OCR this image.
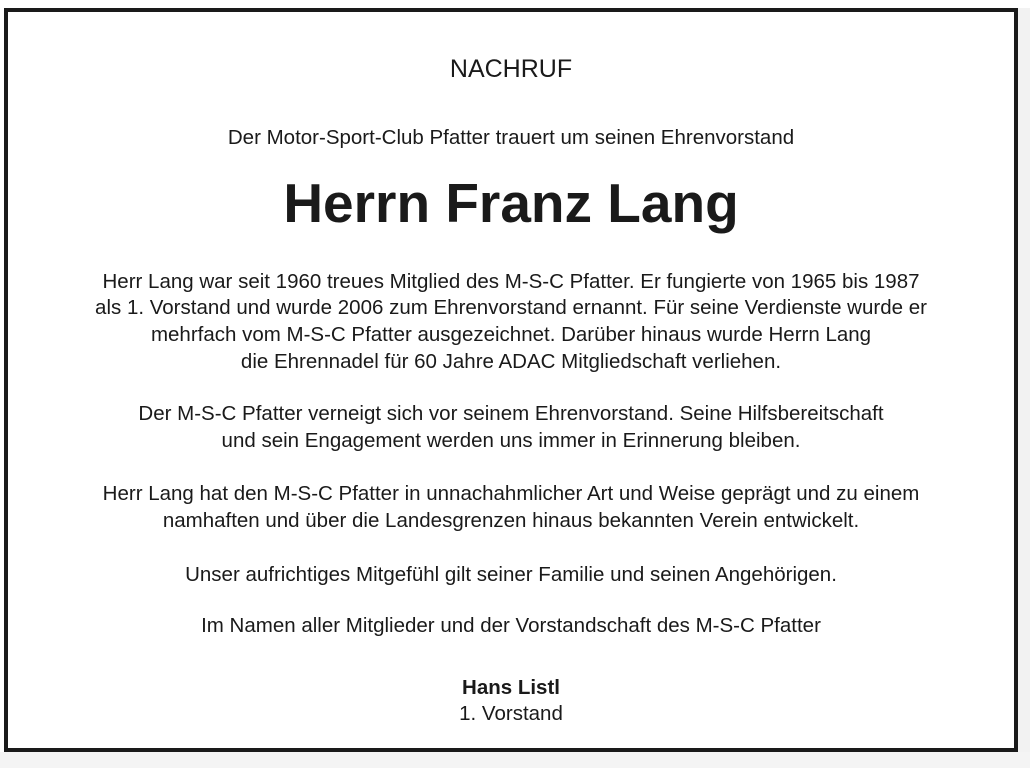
NACHRUF
Der Motor-Sport-Club Pfatter trauert um seinen Ehrenvorstand
Herrn Franz Lang
Herr Lang war seit 1960 treues Mitglied des M-S-C Pfatter. Er fungierte von 1965 bis 1987
als 1. Vorstand und wurde 2006 zum Ehrenvorstand ernannt. Für seine Verdienste wurde er
mehrfach vom M-S-C Pfatter ausgezeichnet. Darüber hinaus wurde Herrn Lang
die Ehrennadel für 60 Jahre ADAC Mitgliedschaft verliehen.
Der M-S-C Pfatter verneigt sich vor seinem Ehrenvorstand. Seine Hilfsbereitschaft
und sein Engagement werden uns immer in Erinnerung bleiben.
Herr Lang hat den M-S-C Pfatter in unnachahmlicher Art und Weise geprägt und zu einem
namhaften und über die Landesgrenzen hinaus bekannten Verein entwickelt.
Unser aufrichtiges Mitgefühl gilt seiner Familie und seinen Angehörigen.
Im Namen aller Mitglieder und der Vorstandschaft des M-S-C Pfatter
Hans Listl
1. Vorstand
